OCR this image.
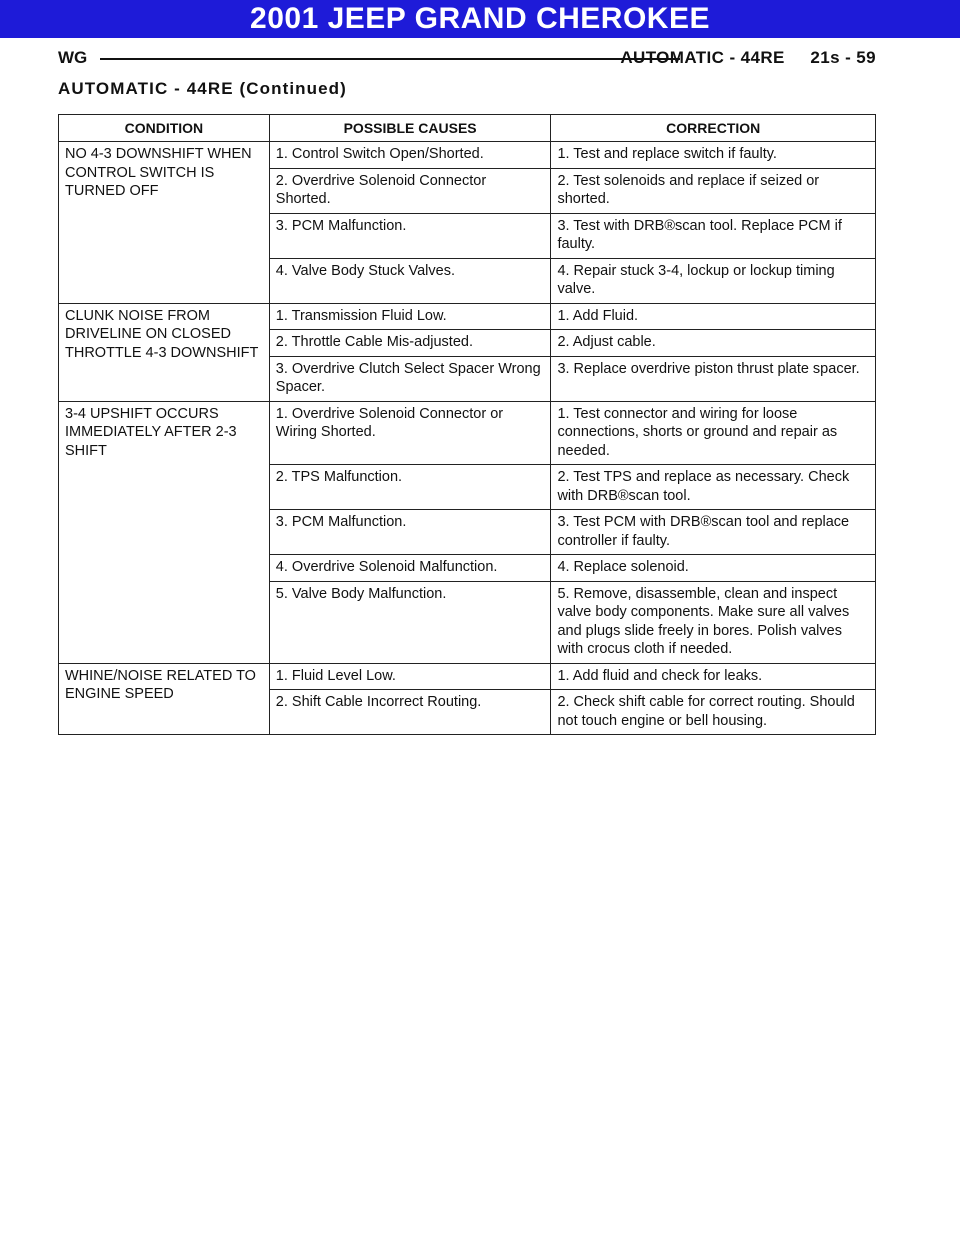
2001 JEEP GRAND CHEROKEE
WG	AUTOMATIC - 44RE     21s - 59
AUTOMATIC - 44RE (Continued)
CONDITION	POSSIBLE CAUSES	CORRECTION
NO 4-3 DOWNSHIFT WHEN CONTROL SWITCH IS TURNED OFF	1. Control Switch Open/Shorted.	1. Test and replace switch if faulty.
	2. Overdrive Solenoid Connector Shorted.	2. Test solenoids and replace if seized or shorted.
	3. PCM Malfunction.	3. Test with DRB®scan tool. Replace PCM if faulty.
	4. Valve Body Stuck Valves.	4. Repair stuck 3-4, lockup or lockup timing valve.
CLUNK NOISE FROM DRIVELINE ON CLOSED THROTTLE 4-3 DOWNSHIFT	1. Transmission Fluid Low.	1. Add Fluid.
	2. Throttle Cable Mis-adjusted.	2. Adjust cable.
	3. Overdrive Clutch Select Spacer Wrong Spacer.	3. Replace overdrive piston thrust plate spacer.
3-4 UPSHIFT OCCURS IMMEDIATELY AFTER 2-3 SHIFT	1. Overdrive Solenoid Connector or Wiring Shorted.	1. Test connector and wiring for loose connections, shorts or ground and repair as needed.
	2. TPS Malfunction.	2. Test TPS and replace as necessary. Check with DRB®scan tool.
	3. PCM Malfunction.	3. Test PCM with DRB®scan tool and replace controller if faulty.
	4. Overdrive Solenoid Malfunction.	4. Replace solenoid.
	5. Valve Body Malfunction.	5. Remove, disassemble, clean and inspect valve body components. Make sure all valves and plugs slide freely in bores. Polish valves with crocus cloth if needed.
WHINE/NOISE RELATED TO ENGINE SPEED	1. Fluid Level Low.	1. Add fluid and check for leaks.
	2. Shift Cable Incorrect Routing.	2. Check shift cable for correct routing. Should not touch engine or bell housing.
